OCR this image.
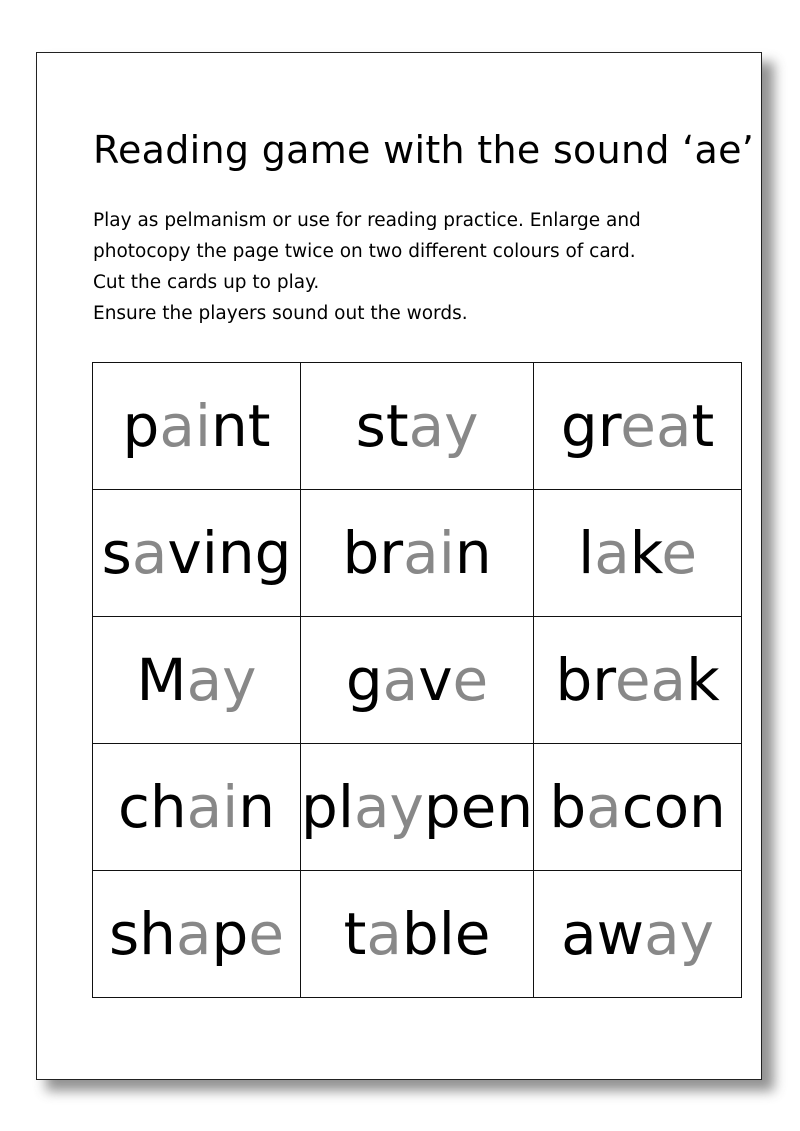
Reading game with the sound ‘ae’

Play as pelmanism or use for reading practice. Enlarge and

photocopy the page twice on two different colours of card.

Cut the cards up to play.

Ensure the players sound out the words.

paint	stay	great
saving	brain	lake
May	gave	break
chain	playpen	bacon
shape	table	away
